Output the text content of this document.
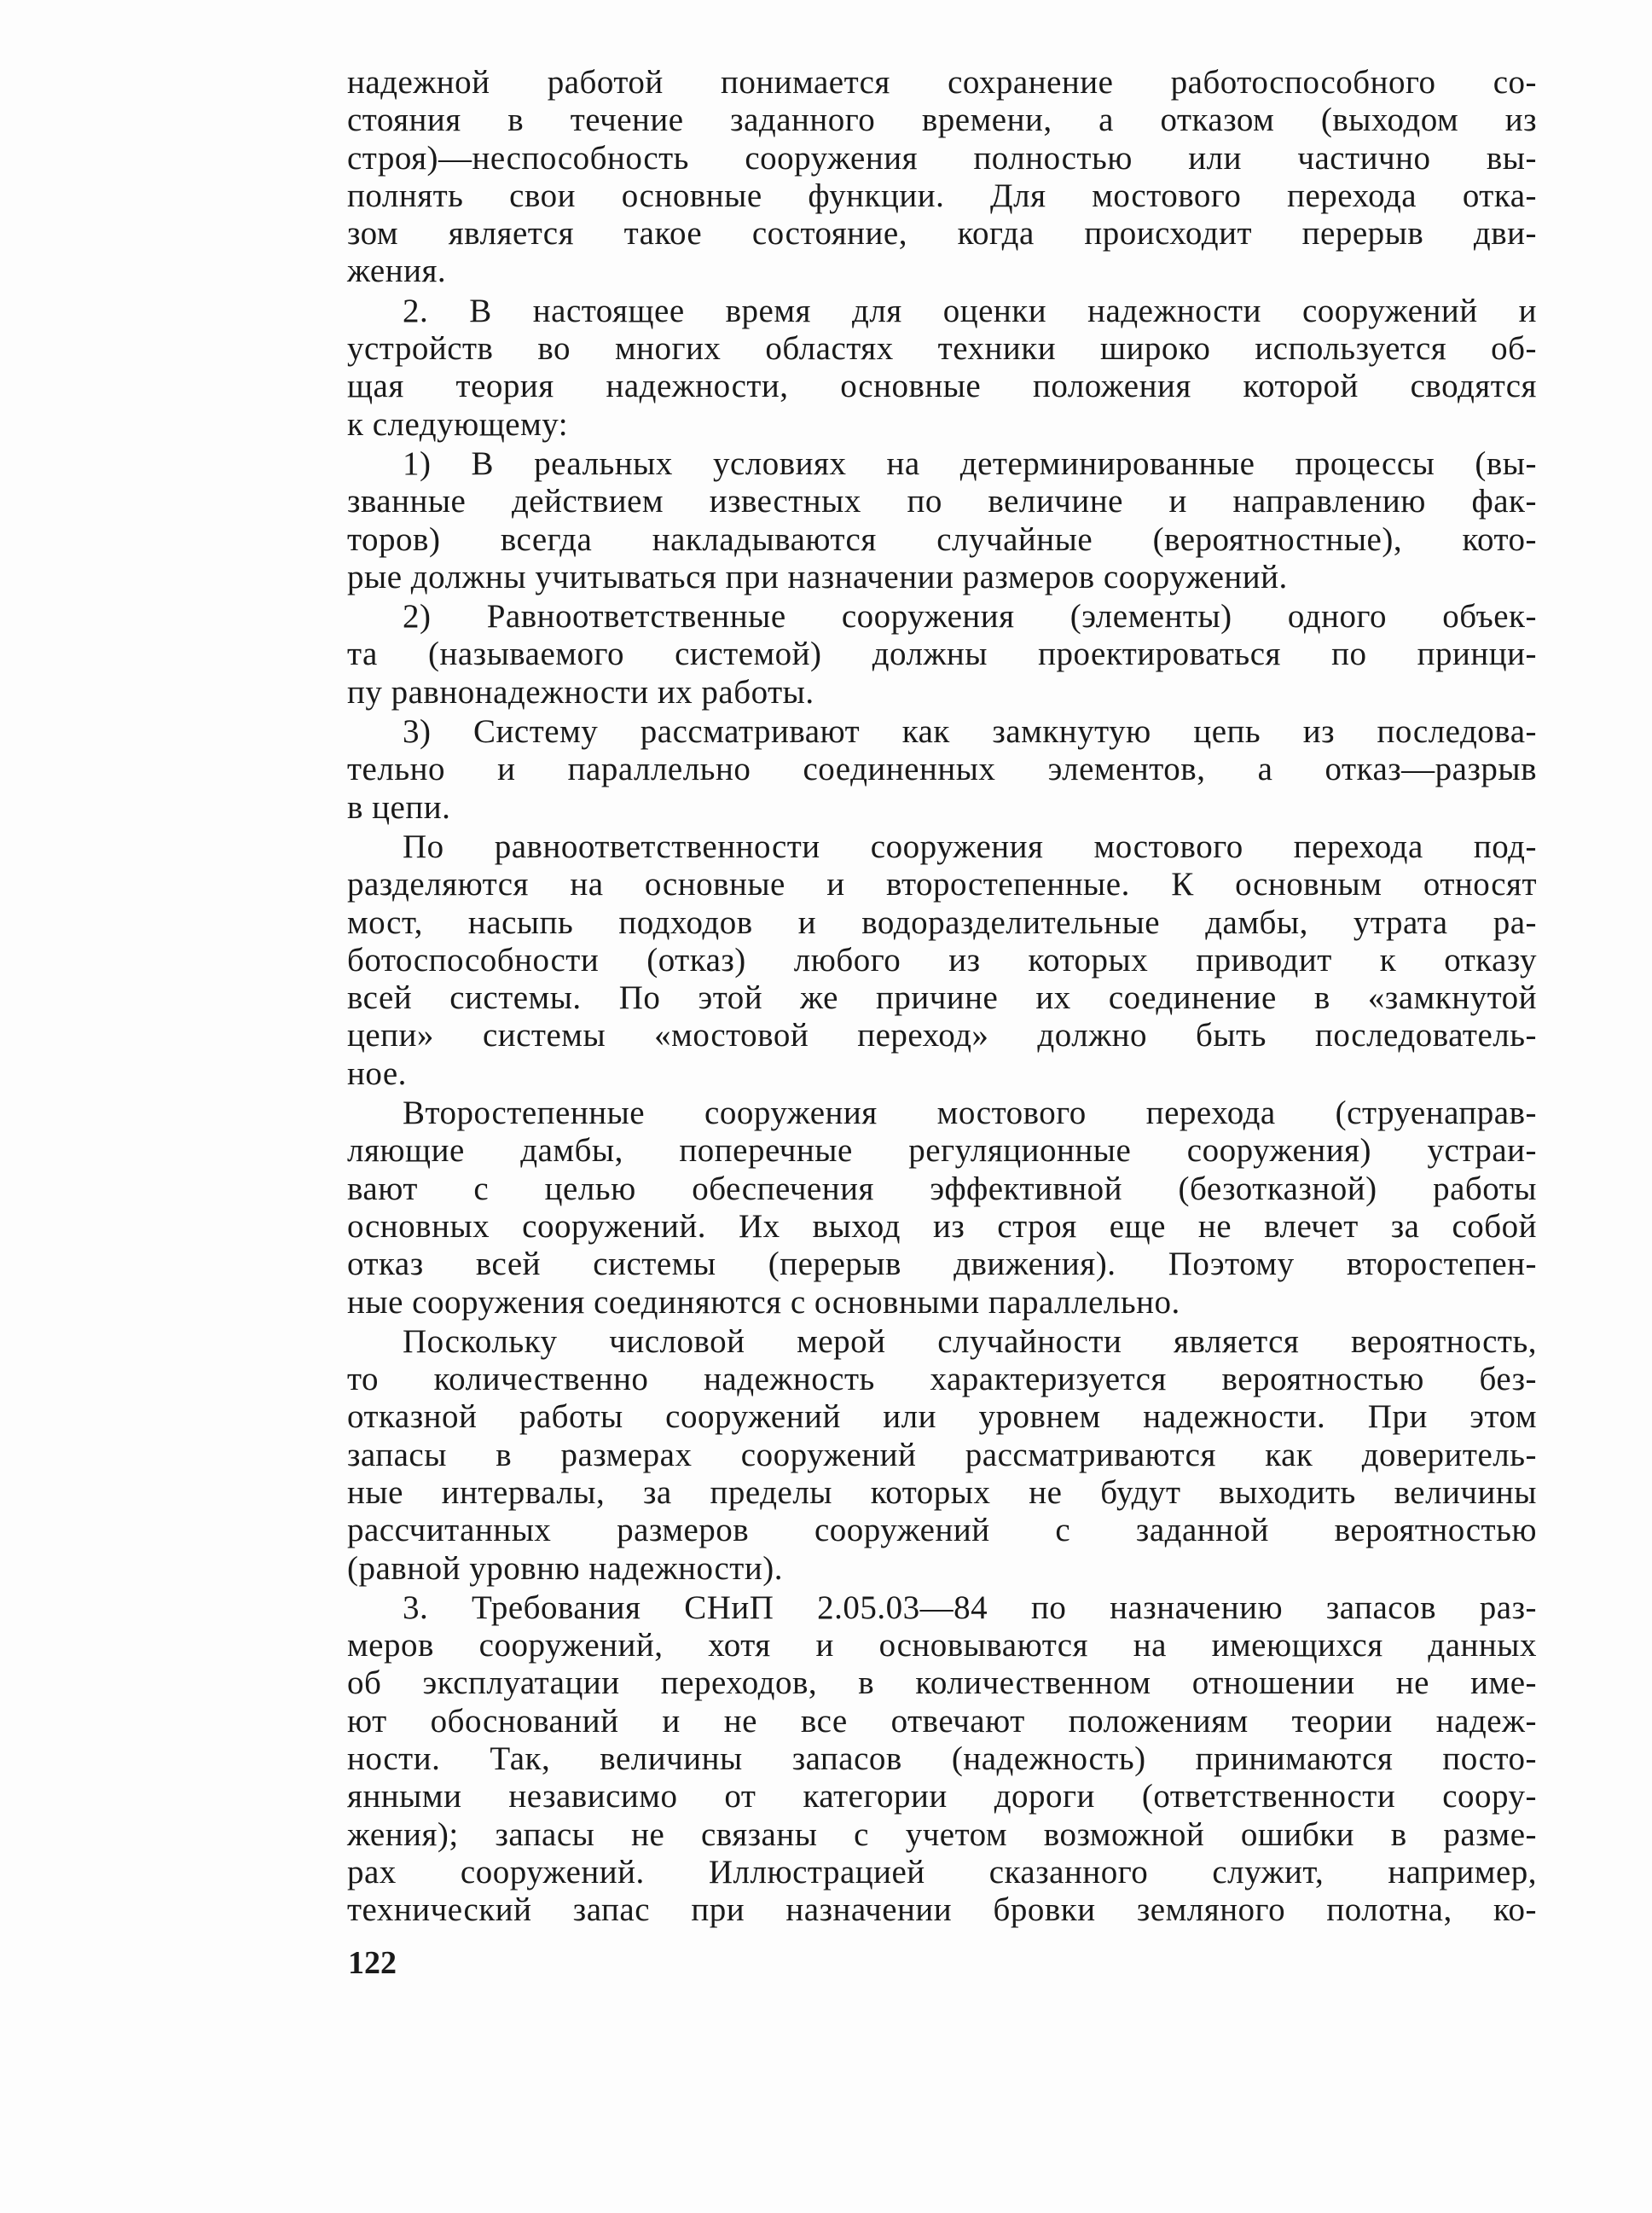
надежной работой понимается сохранение работоспособного со-
стояния в течение заданного времени, а отказом (выходом из
строя)—неспособность сооружения полностью или частично вы-
полнять свои основные функции. Для мостового перехода отка-
зом является такое состояние, когда происходит перерыв дви-
жения.
2. В настоящее время для оценки надежности сооружений и
устройств во многих областях техники широко используется об-
щая теория надежности, основные положения которой сводятся
к следующему:
1) В реальных условиях на детерминированные процессы (вы-
званные действием известных по величине и направлению фак-
торов) всегда накладываются случайные (вероятностные), кото-
рые должны учитываться при назначении размеров сооружений.
2) Равноответственные сооружения (элементы) одного объек-
та (называемого системой) должны проектироваться по принци-
пу равнонадежности их работы.
3) Систему рассматривают как замкнутую цепь из последова-
тельно и параллельно соединенных элементов, а отказ—разрыв
в цепи.
По равноответственности сооружения мостового перехода под-
разделяются на основные и второстепенные. К основным относят
мост, насыпь подходов и водоразделительные дамбы, утрата ра-
ботоспособности (отказ) любого из которых приводит к отказу
всей системы. По этой же причине их соединение в «замкнутой
цепи» системы «мостовой переход» должно быть последователь-
ное.
Второстепенные сооружения мостового перехода (струенаправ-
ляющие дамбы, поперечные регуляционные сооружения) устраи-
вают с целью обеспечения эффективной (безотказной) работы
основных сооружений. Их выход из строя еще не влечет за собой
отказ всей системы (перерыв движения). Поэтому второстепен-
ные сооружения соединяются с основными параллельно.
Поскольку числовой мерой случайности является вероятность,
то количественно надежность характеризуется вероятностью без-
отказной работы сооружений или уровнем надежности. При этом
запасы в размерах сооружений рассматриваются как доверитель-
ные интервалы, за пределы которых не будут выходить величины
рассчитанных размеров сооружений с заданной вероятностью
(равной уровню надежности).
3. Требования СНиП 2.05.03—84 по назначению запасов раз-
меров сооружений, хотя и основываются на имеющихся данных
об эксплуатации переходов, в количественном отношении не име-
ют обоснований и не все отвечают положениям теории надеж-
ности. Так, величины запасов (надежность) принимаются посто-
янными независимо от категории дороги (ответственности соору-
жения); запасы не связаны с учетом возможной ошибки в разме-
рах сооружений. Иллюстрацией сказанного служит, например,
технический запас при назначении бровки земляного полотна, ко-
122
